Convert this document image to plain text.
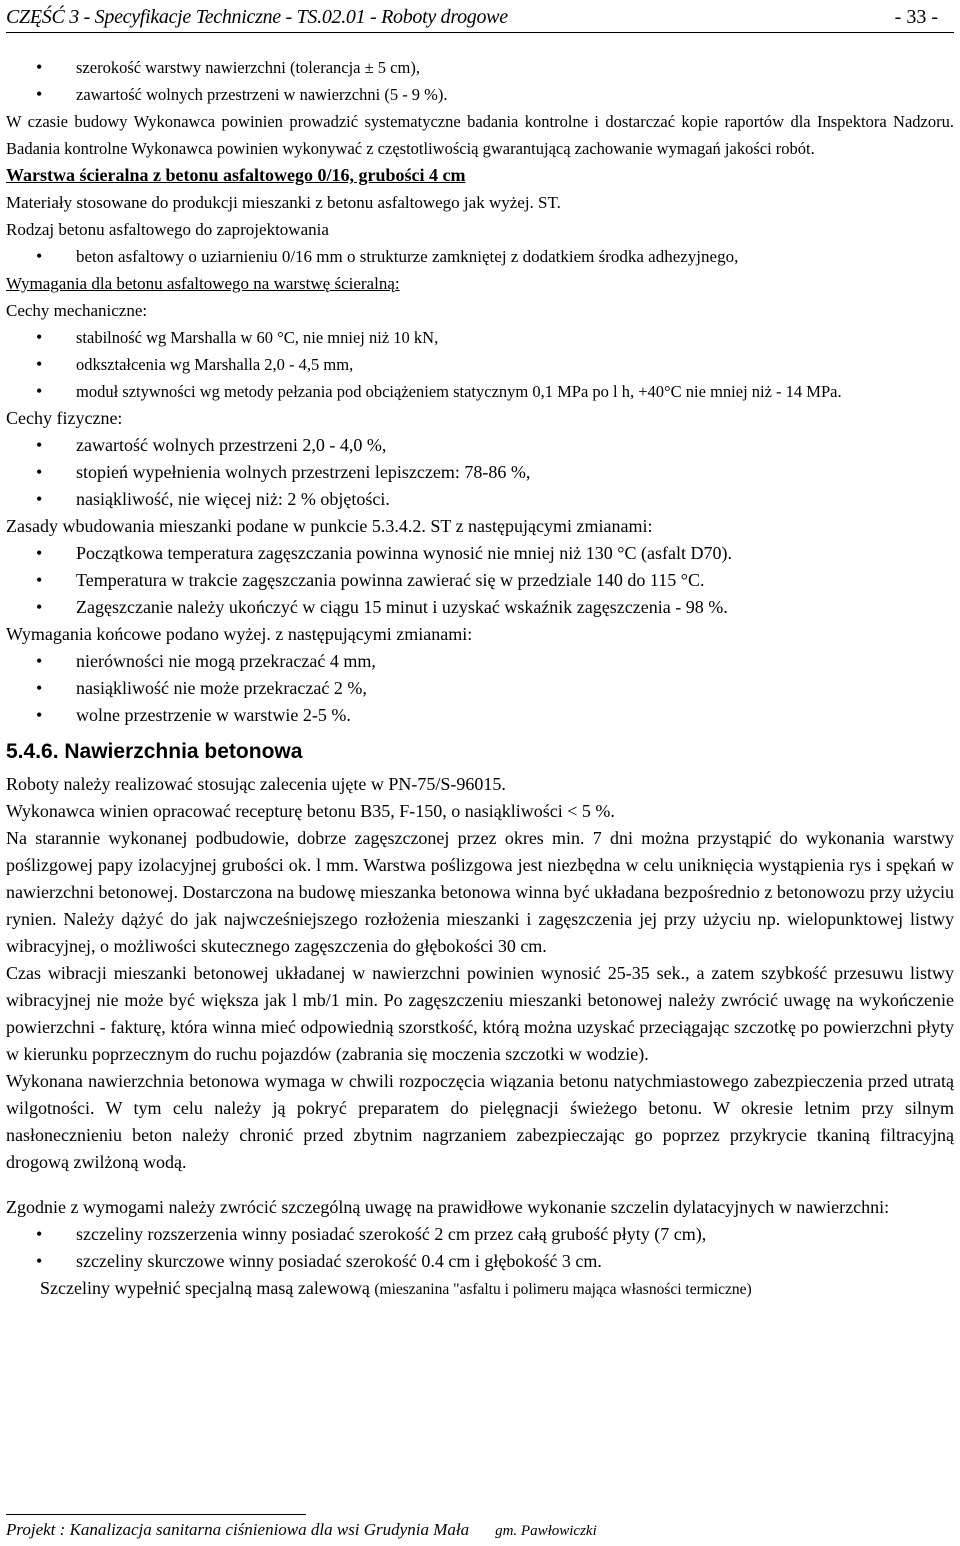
CZĘŚĆ 3 - Specyfikacje Techniczne - TS.02.01 - Roboty drogowe	- 33 -
• szerokość warstwy nawierzchni (tolerancja ± 5 cm),
• zawartość wolnych przestrzeni w nawierzchni (5 - 9 %).

W czasie budowy Wykonawca powinien prowadzić systematyczne badania kontrolne i dostarczać kopie raportów dla Inspektora Nadzoru. Badania kontrolne Wykonawca powinien wykonywać z częstotliwością gwarantującą zachowanie wymagań jakości robót.

Warstwa ścieralna z betonu asfaltowego 0/16, grubości 4 cm

Materiały stosowane do produkcji mieszanki z betonu asfaltowego jak wyżej. ST.

Rodzaj betonu asfaltowego do zaprojektowania

• beton asfaltowy o uziarnieniu 0/16 mm o strukturze zamkniętej z dodatkiem środka adhezyjnego,

Wymagania dla betonu asfaltowego na warstwę ścieralną:

Cechy mechaniczne:

• stabilność wg Marshalla w 60 °C, nie mniej niż 10 kN,
• odkształcenia wg Marshalla 2,0 - 4,5 mm,
• moduł sztywności wg metody pełzania pod obciążeniem statycznym 0,1 MPa po l h, +40°C nie mniej niż - 14 MPa.

Cechy fizyczne:

• zawartość wolnych przestrzeni 2,0 - 4,0 %,
• stopień wypełnienia wolnych przestrzeni lepiszczem: 78-86 %,
• nasiąkliwość, nie więcej niż: 2 % objętości.

Zasady wbudowania mieszanki podane w punkcie 5.3.4.2. ST z następującymi zmianami:

• Początkowa temperatura zagęszczania powinna wynosić nie mniej niż 130 °C (asfalt D70).
• Temperatura w trakcie zagęszczania powinna zawierać się w przedziale 140 do 115 °C.
• Zagęszczanie należy ukończyć w ciągu 15 minut i uzyskać wskaźnik zagęszczenia - 98 %.

Wymagania końcowe podano wyżej. z następującymi zmianami:

• nierówności nie mogą przekraczać 4 mm,
• nasiąkliwość nie może przekraczać 2 %,
• wolne przestrzenie w warstwie 2-5 %.

5.4.6. Nawierzchnia betonowa

Roboty należy realizować stosując zalecenia ujęte w PN-75/S-96015.

Wykonawca winien opracować recepturę betonu B35, F-150, o nasiąkliwości < 5 %.

Na starannie wykonanej podbudowie, dobrze zagęszczonej przez okres min. 7 dni można przystąpić do wykonania warstwy poślizgowej papy izolacyjnej grubości ok. l mm. Warstwa poślizgowa jest niezbędna w celu uniknięcia wystąpienia rys i spękań w nawierzchni betonowej. Dostarczona na budowę mieszanka betonowa winna być układana bezpośrednio z betonowozu przy użyciu rynien. Należy dążyć do jak najwcześniejszego rozłożenia mieszanki i zagęszczenia jej przy użyciu np. wielopunktowej listwy wibracyjnej, o możliwości skutecznego zagęszczenia do głębokości 30 cm.

Czas wibracji mieszanki betonowej układanej w nawierzchni powinien wynosić 25-35 sek., a zatem szybkość przesuwu listwy wibracyjnej nie może być większa jak l mb/1 min. Po zagęszczeniu mieszanki betonowej należy zwrócić uwagę na wykończenie powierzchni - fakturę, która winna mieć odpowiednią szorstkość, którą można uzyskać przeciągając szczotkę po powierzchni płyty w kierunku poprzecznym do ruchu pojazdów (zabrania się moczenia szczotki w wodzie).

Wykonana nawierzchnia betonowa wymaga w chwili rozpoczęcia wiązania betonu natychmiastowego zabezpieczenia przed utratą wilgotności. W tym celu należy ją pokryć preparatem do pielęgnacji świeżego betonu. W okresie letnim przy silnym nasłonecznieniu beton należy chronić przed zbytnim nagrzaniem zabezpieczając go poprzez przykrycie tkaniną filtracyjną drogową zwilżoną wodą.

Zgodnie z wymogami należy zwrócić szczególną uwagę na prawidłowe wykonanie szczelin dylatacyjnych w nawierzchni:

• szczeliny rozszerzenia winny posiadać szerokość 2 cm przez całą grubość płyty (7 cm),
• szczeliny skurczowe winny posiadać szerokość 0.4 cm i głębokość 3 cm.

Szczeliny wypełnić specjalną masą zalewową (mieszanina "asfaltu i polimeru mająca własności termiczne)

Projekt : Kanalizacja sanitarna ciśnieniowa dla wsi Grudynia Mała gm. Pawłowiczki
